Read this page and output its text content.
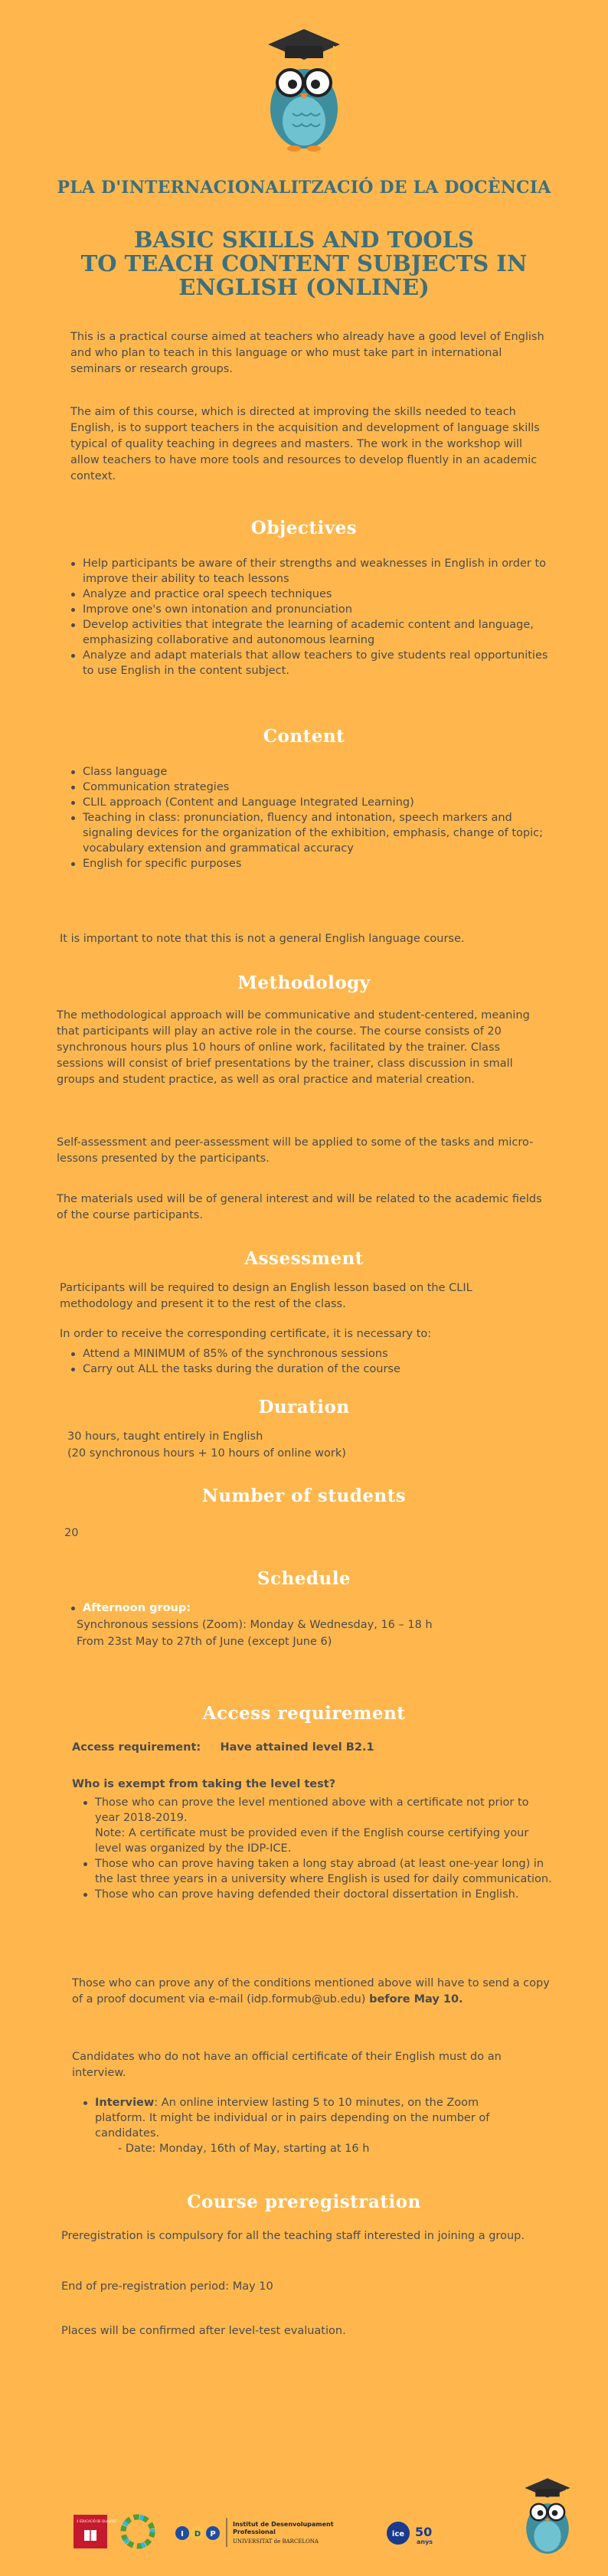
PLA D'INTERNACIONALITZACIÓ DE LA DOCÈNCIA
BASIC SKILLS AND TOOLS
TO TEACH CONTENT SUBJECTS IN
ENGLISH (ONLINE)
This is a practical course aimed at teachers who already have a good level of English and who plan to teach in this language or who must take part in international seminars or research groups.
The aim of this course, which is directed at improving the skills needed to teach English, is to support teachers in the acquisition and development of language skills typical of quality teaching in degrees and masters. The work in the workshop will allow teachers to have more tools and resources to develop fluently in an academic context.
Objectives
Help participants be aware of their strengths and weaknesses in English in order to improve their ability to teach lessons
Analyze and practice oral speech techniques
Improve one's own intonation and pronunciation
Develop activities that integrate the learning of academic content and language, emphasizing collaborative and autonomous learning
Analyze and adapt materials that allow teachers to give students real opportunities to use English in the content subject.
Content
Class language
Communication strategies
CLIL approach (Content and Language Integrated Learning)
Teaching in class: pronunciation, fluency and intonation, speech markers and signaling devices for the organization of the exhibition, emphasis, change of topic; vocabulary extension and grammatical accuracy
English for specific purposes
It is important to note that this is not a general English language course.
Methodology
The methodological approach will be communicative and student-centered, meaning that participants will play an active role in the course. The course consists of 20 synchronous hours plus 10 hours of online work, facilitated by the trainer. Class sessions will consist of brief presentations by the trainer, class discussion in small groups and student practice, as well as oral practice and material creation.
Self-assessment and peer-assessment will be applied to some of the tasks and micro-lessons presented by the participants.
The materials used will be of general interest and will be related to the academic fields of the course participants.
Assessment
Participants will be required to design an English lesson based on the CLIL methodology and present it to the rest of the class.
In order to receive the corresponding certificate, it is necessary to:
Attend a MINIMUM of 85% of the synchronous sessions
Carry out ALL the tasks during the duration of the course
Duration
30 hours, taught entirely in English
(20 synchronous hours + 10 hours of online work)
Number of students
20
Schedule
Afternoon group:
Synchronous sessions (Zoom): Monday & Wednesday, 16 – 18 h
From 23st May to 27th of June (except June 6)
Access requirement
Access requirement: Have attained level B2.1
Who is exempt from taking the level test?
Those who can prove the level mentioned above with a certificate not prior to year 2018-2019.
Note: A certificate must be provided even if the English course certifying your level was organized by the IDP-ICE.
Those who can prove having taken a long stay abroad (at least one-year long) in the last three years in a university where English is used for daily communication.
Those who can prove having defended their doctoral dissertation in English.
Those who can prove any of the conditions mentioned above will have to send a copy of a proof document via e-mail (idp.formub@ub.edu) before May 10.
Candidates who do not have an official certificate of their English must do an interview.
Interview: An online interview lasting 5 to 10 minutes, on the Zoom platform. It might be individual or in pairs depending on the number of candidates.
- Date: Monday, 16th of May, starting at 16 h
Course preregistration
Preregistration is compulsory for all the teaching staff interested in joining a group.
End of pre-registration period: May 10
Places will be confirmed after level-test evaluation.
4 EDUCACIÓ DE QUALITAT
I D P
Institut de Desenvolupament
Professional
UNIVERSITAT de BARCELONA
ice 50
anys
